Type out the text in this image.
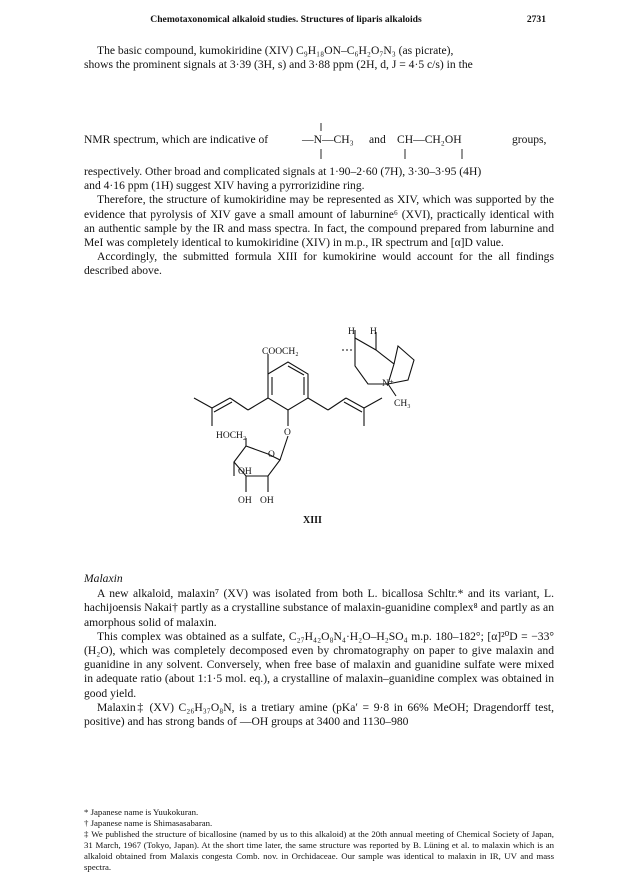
Chemotaxonomical alkaloid studies. Structures of liparis alkaloids	2731

The basic compound, kumokiridine (XIV) C₉H₁₈ON–C₆H₂O₇N₃ (as picrate),

shows the prominent signals at 3·39 (3H, s) and 3·88 ppm (2H, d, J = 4·5 c/s) in the

NMR spectrum, which are indicative of	—N—CH₃ and CH—CH₂OH	groups,

respectively. Other broad and complicated signals at 1·90–2·60 (7H), 3·30–3·95 (4H)

and 4·16 ppm (1H) suggest XIV having a pyrrorizidine ring.

Therefore, the structure of kumokiridine may be represented as XIV, which was supported by the evidence that pyrolysis of XIV gave a small amount of laburnine⁶ (XVI), practically identical with an authentic sample by the IR and mass spectra. In fact, the compound prepared from laburnine and MeI was completely identical to kumokiridine (XIV) in m.p., IR spectrum and [α]D value.

Accordingly, the submitted formula XIII for kumokirine would account for the all findings described above.

H H
COOCH₂
N⁺
CH₃
HOCH₂	O
O
OH
OH OH
XIII

Malaxin

A new alkaloid, malaxin⁷ (XV) was isolated from both L. bicallosa Schltr.* and its variant, L. hachijoensis Nakai† partly as a crystalline substance of malaxin-guanidine complex⁸ and partly as an amorphous solid of malaxin.

This complex was obtained as a sulfate, C₂₇H₄₂O₈N₄·H₂O–H₂SO₄ m.p. 180–182°; [α]²⁰D = −33° (H₂O), which was completely decomposed even by chromatography on paper to give malaxin and guanidine in any solvent. Conversely, when free base of malaxin and guanidine sulfate were mixed in adequate ratio (about 1:1·5 mol. eq.), a crystalline of malaxin–guanidine complex was obtained in good yield.

Malaxin‡ (XV) C₂₆H₃₇O₈N, is a tretiary amine (pKa′ = 9·8 in 66% MeOH; Dragendorff test, positive) and has strong bands of —OH groups at 3400 and 1130–980

* Japanese name is Yuukokuran.

† Japanese name is Shimasasabaran.

‡ We published the structure of bicallosine (named by us to this alkaloid) at the 20th annual meeting of Chemical Society of Japan, 31 March, 1967 (Tokyo, Japan). At the short time later, the same structure was reported by B. Lüning et al. to malaxin which is an alkaloid obtained from Malaxis congesta Comb. nov. in Orchidaceae. Our sample was identical to malaxin in IR, UV and mass spectra.
